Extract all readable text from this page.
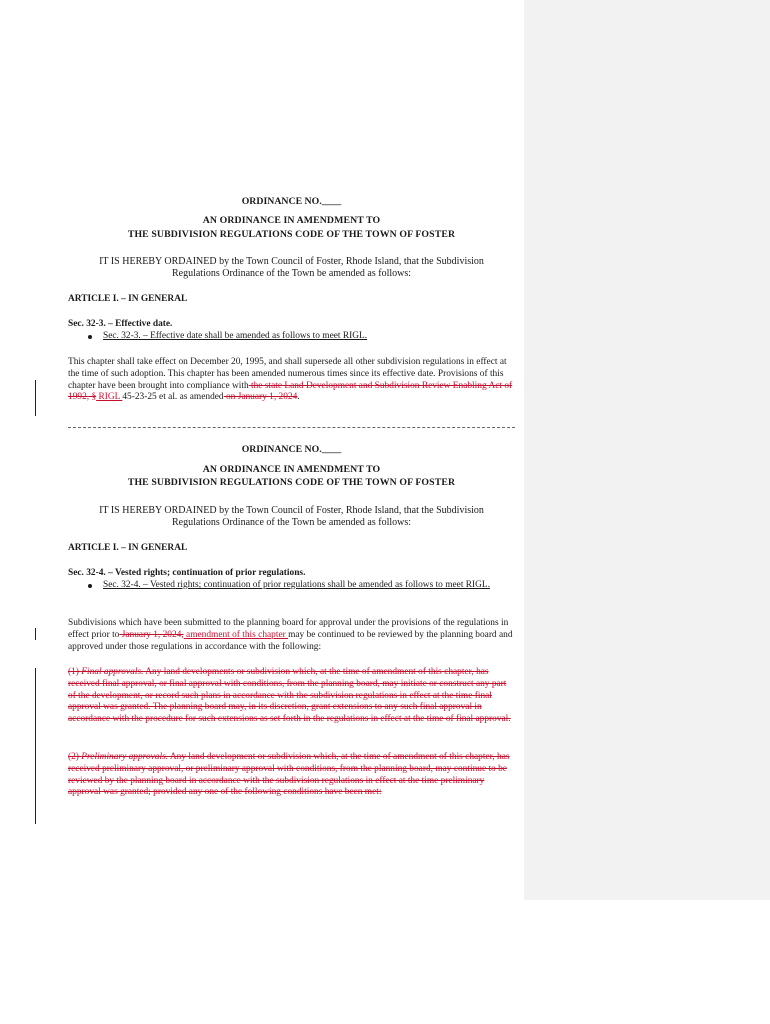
ORDINANCE NO.____
AN ORDINANCE IN AMENDMENT TO
THE SUBDIVISION REGULATIONS CODE OF THE TOWN OF FOSTER
IT IS HEREBY ORDAINED by the Town Council of Foster, Rhode Island, that the Subdivision
Regulations Ordinance of the Town be amended as follows:
ARTICLE I. – IN GENERAL
Sec. 32-3. – Effective date.
Sec. 32-3. – Effective date shall be amended as follows to meet RIGL.
This chapter shall take effect on December 20, 1995, and shall supersede all other subdivision regulations in effect at the time of such adoption. This chapter has been amended numerous times since its effective date. Provisions of this chapter have been brought into compliance with the state Land Development and Subdivision Review Enabling Act of 1992, § RIGL 45-23-25 et al. as amended on January 1, 2024.
ORDINANCE NO.____
AN ORDINANCE IN AMENDMENT TO
THE SUBDIVISION REGULATIONS CODE OF THE TOWN OF FOSTER
IT IS HEREBY ORDAINED by the Town Council of Foster, Rhode Island, that the Subdivision
Regulations Ordinance of the Town be amended as follows:
ARTICLE I. – IN GENERAL
Sec. 32-4. – Vested rights; continuation of prior regulations.
Sec. 32-4. – Vested rights; continuation of prior regulations shall be amended as follows to meet RIGL.
Subdivisions which have been submitted to the planning board for approval under the provisions of the regulations in effect prior to January 1, 2024, amendment of this chapter may be continued to be reviewed by the planning board and approved under those regulations in accordance with the following:
(1) Final approvals. Any land developments or subdivision which, at the time of amendment of this chapter, has received final approval, or final approval with conditions, from the planning board, may initiate or construct any part of the development, or record such plans in accordance with the subdivision regulations in effect at the time final approval was granted. The planning board may, in its discretion, grant extensions to any such final approval in accordance with the procedure for such extensions as set forth in the regulations in effect at the time of final approval.
(2) Preliminary approvals. Any land development or subdivision which, at the time of amendment of this chapter, has received preliminary approval, or preliminary approval with conditions, from the planning board, may continue to be reviewed by the planning board in accordance with the subdivision regulations in effect at the time preliminary approval was granted; provided any one of the following conditions have been met:
